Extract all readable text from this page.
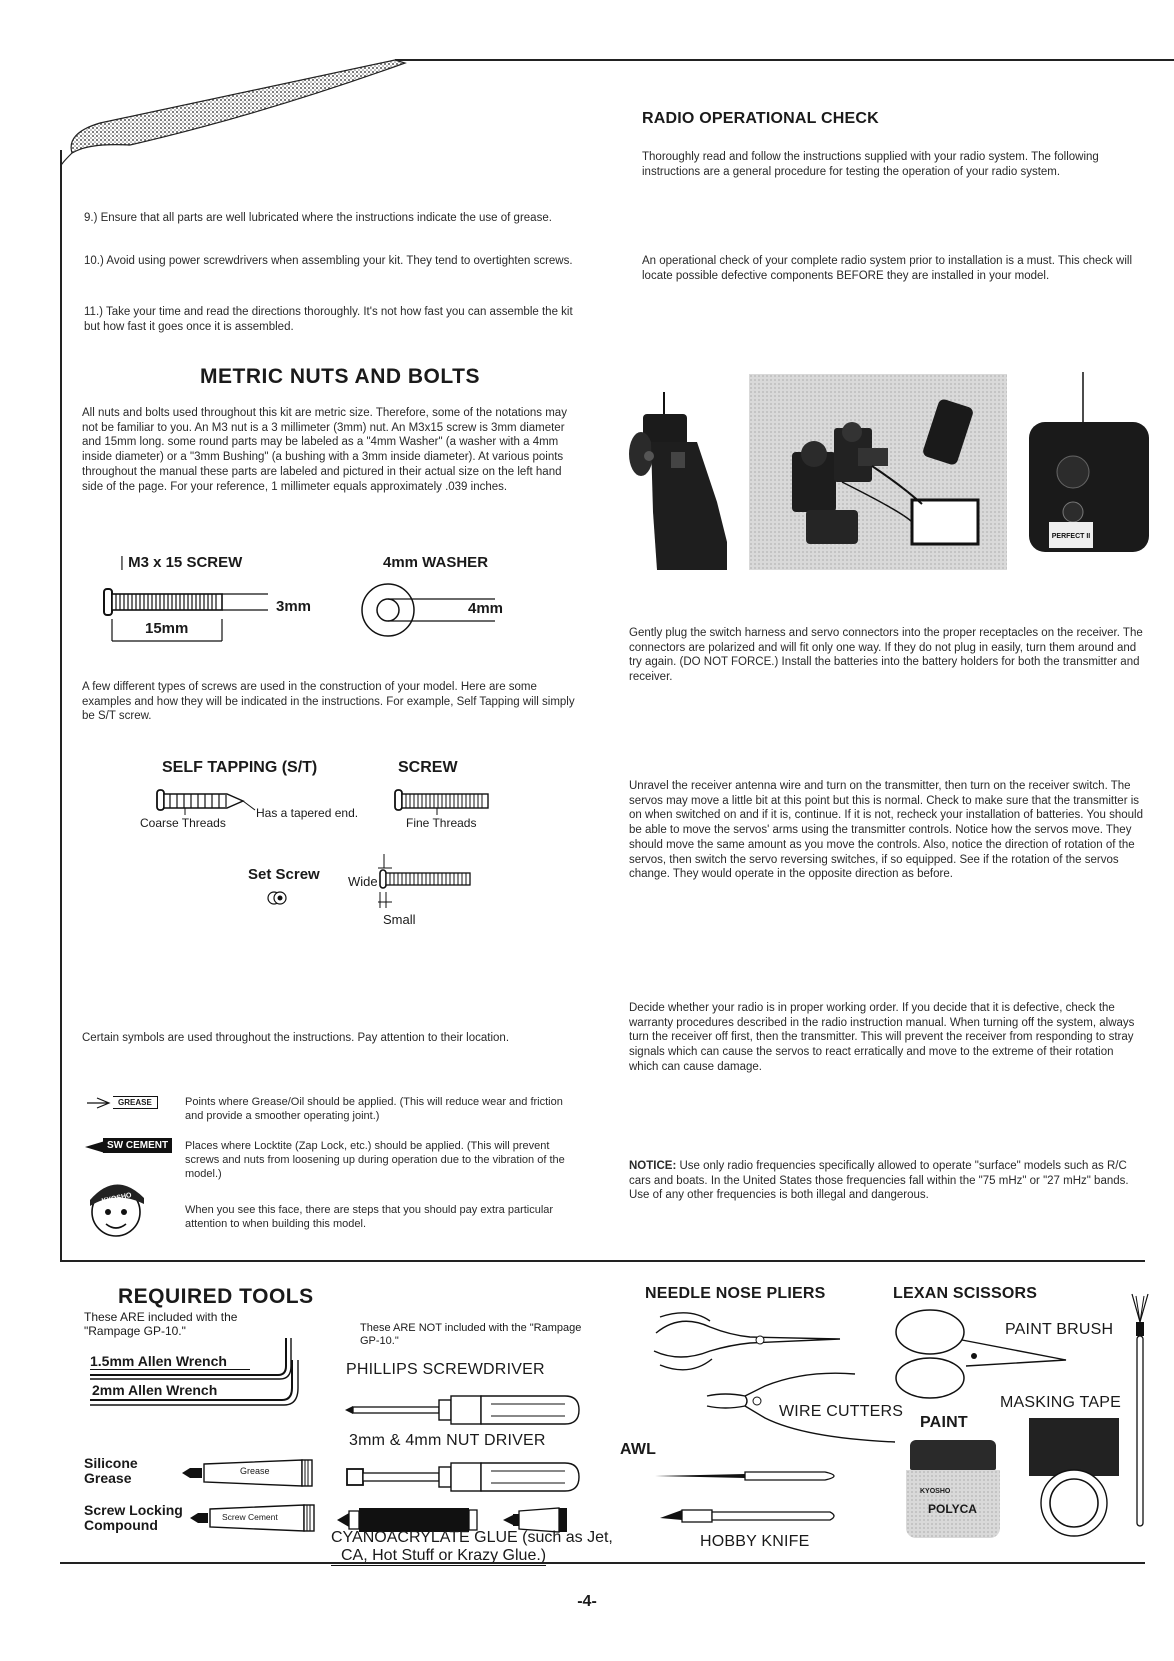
9.) Ensure that all parts are well lubricated where the instructions indicate the use of grease.
10.) Avoid using power screwdrivers when assembling your kit. They tend to overtighten screws.
11.) Take your time and read the directions thoroughly. It's not how fast you can assemble the kit but how fast it goes once it is assembled.
METRIC NUTS AND BOLTS
All nuts and bolts used throughout this kit are metric size. Therefore, some of the notations may not be familiar to you. An M3 nut is a 3 millimeter (3mm) nut. An M3x15 screw is 3mm diameter and 15mm long. some round parts may be labeled as a "4mm Washer" (a washer with a 4mm inside diameter) or a "3mm Bushing" (a bushing with a 3mm inside diameter). At various points throughout the manual these parts are labeled and pictured in their actual size on the left hand side of the page. For your reference, 1 millimeter equals approximately .039 inches.
| M3 x 15 SCREW
3mm
15mm
4mm WASHER
4mm
A few different types of screws are used in the construction of your model. Here are some examples and how they will be indicated in the instructions. For example, Self Tapping will simply be S/T screw.
SELF TAPPING (S/T)	SCREW
Coarse Threads
Has a tapered end.
Fine Threads
Set Screw Wide
Small
Certain symbols are used throughout the instructions. Pay attention to their location.
GREASE	Points where Grease/Oil should be applied. (This will reduce wear and friction and provide a smoother operating joint.)
SW CEMENT	Places where Locktite (Zap Lock, etc.) should be applied. (This will prevent screws and nuts from loosening up during operation due to the vibration of the model.)
KYOSHO
When you see this face, there are steps that you should pay extra particular attention to when building this model.
RADIO OPERATIONAL CHECK
Thoroughly read and follow the instructions supplied with your radio system. The following instructions are a general procedure for testing the operation of your radio system.
An operational check of your complete radio system prior to installation is a must. This check will locate possible defective components BEFORE they are installed in your model.
PERFECT II
Gently plug the switch harness and servo connectors into the proper receptacles on the receiver. The connectors are polarized and will fit only one way. If they do not plug in easily, turn them around and try again. (DO NOT FORCE.) Install the batteries into the battery holders for both the transmitter and receiver.
Unravel the receiver antenna wire and turn on the transmitter, then turn on the receiver switch. The servos may move a little bit at this point but this is normal. Check to make sure that the transmitter is on when switched on and if it is, continue. If it is not, recheck your installation of batteries. You should be able to move the servos' arms using the transmitter controls. Notice how the servos move. They should move the same amount as you move the controls. Also, notice the direction of rotation of the servos, then switch the servo reversing switches, if so equipped. See if the rotation of the servos change. They would operate in the opposite direction as before.
Decide whether your radio is in proper working order. If you decide that it is defective, check the warranty procedures described in the radio instruction manual. When turning off the system, always turn the receiver off first, then the transmitter. This will prevent the receiver from responding to stray signals which can cause the servos to react erratically and move to the extreme of their rotation which can cause damage.
NOTICE: Use only radio frequencies specifically allowed to operate "surface" models such as R/C cars and boats. In the United States those frequencies fall within the "75 mHz" or "27 mHz" bands. Use of any other frequencies is both illegal and dangerous.
REQUIRED TOOLS
These ARE included with the "Rampage GP-10."
1.5mm Allen Wrench
2mm Allen Wrench
Silicone Grease	Grease
Screw Locking Compound
Screw Cement
These ARE NOT included with the "Rampage GP-10."
PHILLIPS SCREWDRIVER
3mm & 4mm NUT DRIVER
CYANOACRYLATE GLUE (such as Jet,
CA, Hot Stuff or Krazy Glue.)
NEEDLE NOSE PLIERS
WIRE CUTTERS
AWL
HOBBY KNIFE
LEXAN SCISSORS
PAINT BRUSH
MASKING TAPE
PAINT
KYOSHO
POLYCA
-4-
